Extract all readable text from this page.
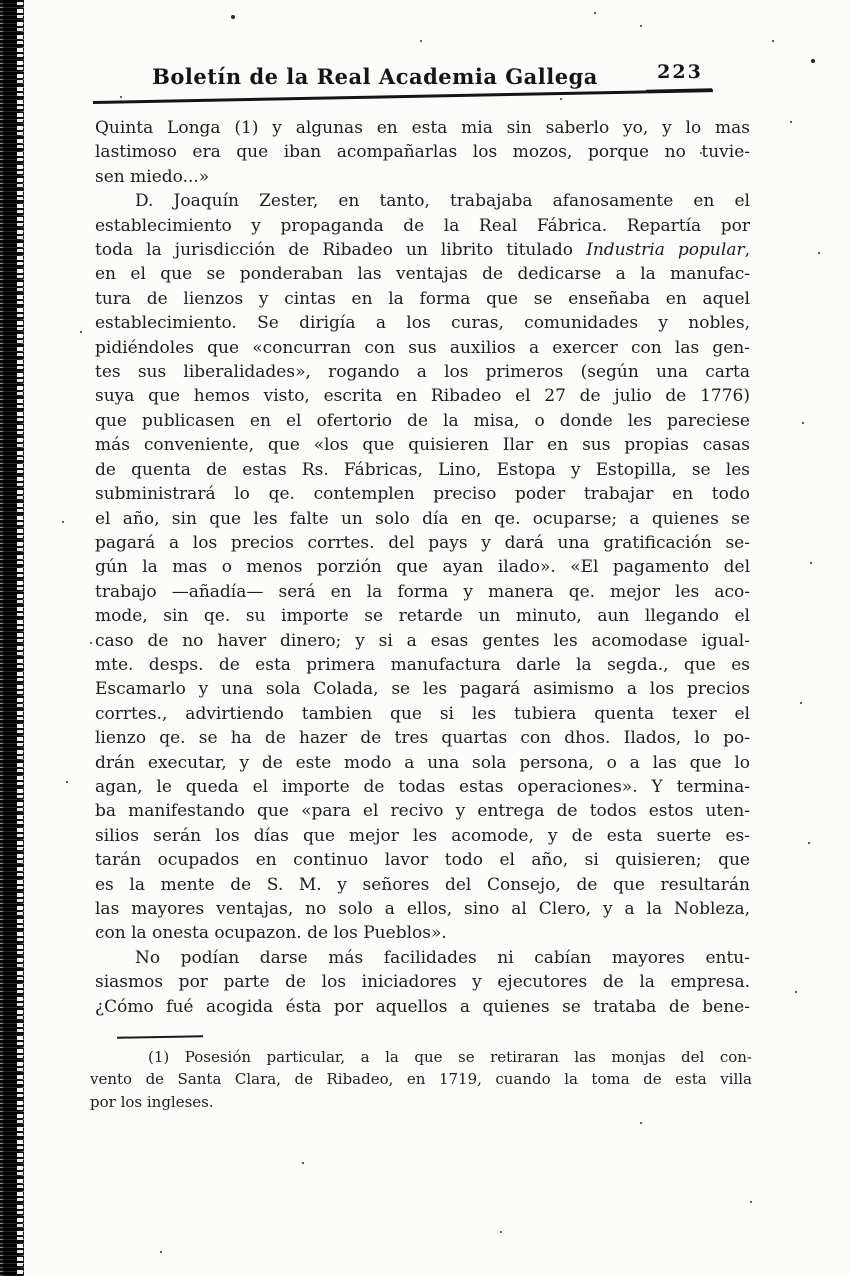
Boletín de la Real Academia Gallega	223
Quinta Longa (1) y algunas en esta mia sin saberlo yo, y lo mas
lastimoso era que iban acompañarlas los mozos, porque no tuvie-
sen miedo...»
D. Joaquín Zester, en tanto, trabajaba afanosamente en el
establecimiento y propaganda de la Real Fábrica. Repartía por
toda la jurisdicción de Ribadeo un librito titulado Industria popular,
en el que se ponderaban las ventajas de dedicarse a la manufac-
tura de lienzos y cintas en la forma que se enseñaba en aquel
establecimiento. Se dirigía a los curas, comunidades y nobles,
pidiéndoles que «concurran con sus auxilios a exercer con las gen-
tes sus liberalidades», rogando a los primeros (según una carta
suya que hemos visto, escrita en Ribadeo el 27 de julio de 1776)
que publicasen en el ofertorio de la misa, o donde les pareciese
más conveniente, que «los que quisieren Ilar en sus propias casas
de quenta de estas Rs. Fábricas, Lino, Estopa y Estopilla, se les
subministrará lo qe. contemplen preciso poder trabajar en todo
el año, sin que les falte un solo día en qe. ocuparse; a quienes se
pagará a los precios corrtes. del pays y dará una gratificación se-
gún la mas o menos porzión que ayan ilado». «El pagamento del
trabajo —añadía— será en la forma y manera qe. mejor les aco-
mode, sin qe. su importe se retarde un minuto, aun llegando el
caso de no haver dinero; y si a esas gentes les acomodase igual-
mte. desps. de esta primera manufactura darle la segda., que es
Escamarlo y una sola Colada, se les pagará asimismo a los precios
corrtes., advirtiendo tambien que si les tubiera quenta texer el
lienzo qe. se ha de hazer de tres quartas con dhos. Ilados, lo po-
drán executar, y de este modo a una sola persona, o a las que lo
agan, le queda el importe de todas estas operaciones». Y termina-
ba manifestando que «para el recivo y entrega de todos estos uten-
silios serán los días que mejor les acomode, y de esta suerte es-
tarán ocupados en continuo lavor todo el año, si quisieren; que
es la mente de S. M. y señores del Consejo, de que resultarán
las mayores ventajas, no solo a ellos, sino al Clero, y a la Nobleza,
con la onesta ocupazon. de los Pueblos».
No podían darse más facilidades ni cabían mayores entu-
siasmos por parte de los iniciadores y ejecutores de la empresa.
¿Cómo fué acogida ésta por aquellos a quienes se trataba de bene-
(1) Posesión particular, a la que se retiraran las monjas del con-
vento de Santa Clara, de Ribadeo, en 1719, cuando la toma de esta villa
por los ingleses.
